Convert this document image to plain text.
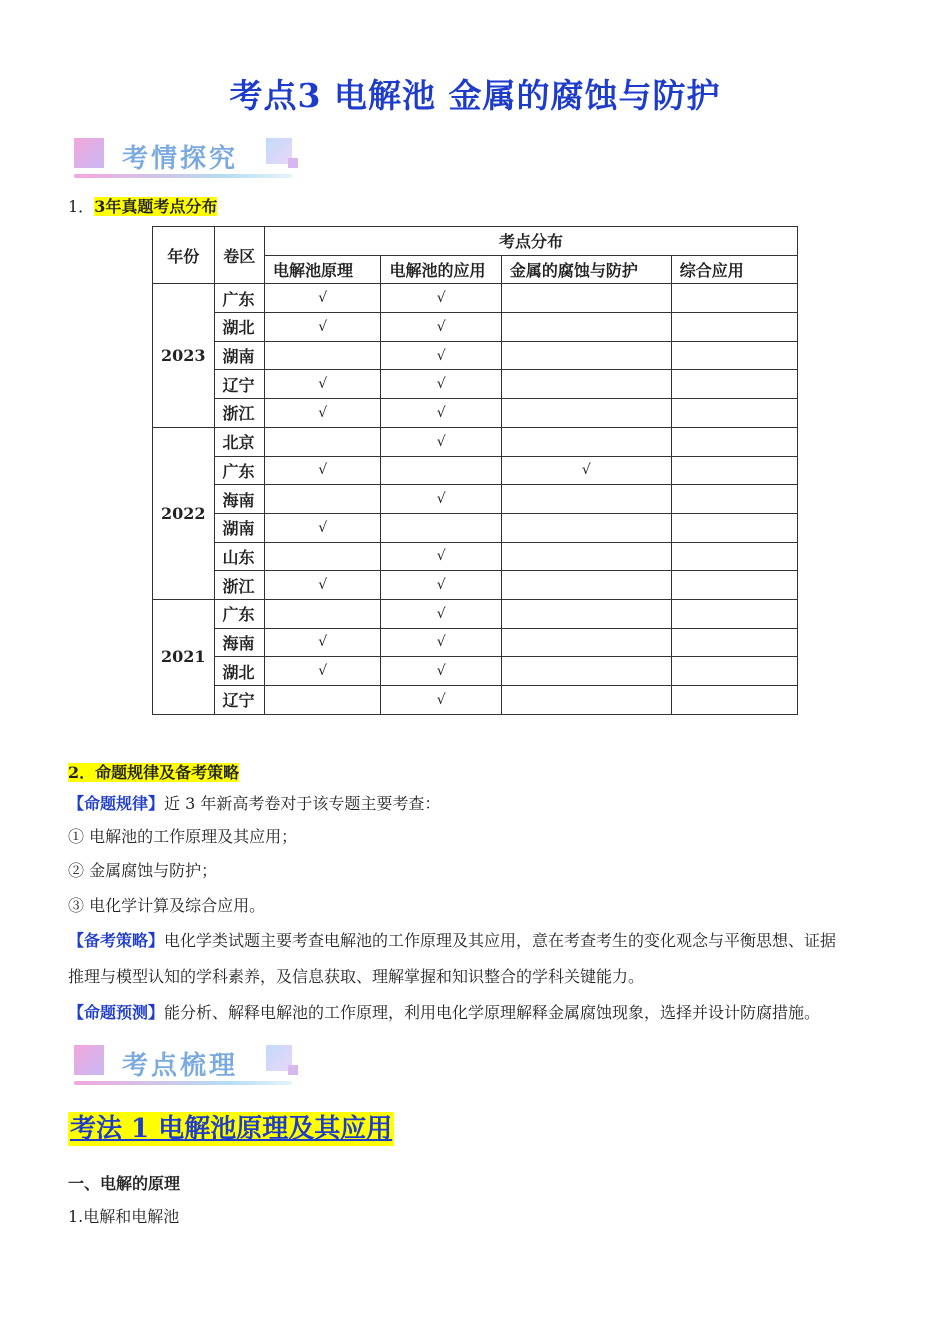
考点3 电解池 金属的腐蚀与防护
考情探究
1．3年真题考点分布
年份	卷区	考点分布			
		电解池原理	电解池的应用	金属的腐蚀与防护	综合应用
2023	广东	√	√		
	湖北	√	√		
	湖南		√		
	辽宁	√	√		
	浙江	√	√		
2022	北京		√		
	广东	√		√	
	海南		√		
	湖南	√			
	山东		√		
	浙江	√	√		
2021	广东		√		
	海南	√	√		
	湖北	√	√		
	辽宁		√		
2．命题规律及备考策略
【命题规律】近 3 年新高考卷对于该专题主要考查：
① 电解池的工作原理及其应用；
② 金属腐蚀与防护；
③ 电化学计算及综合应用。
【备考策略】电化学类试题主要考查电解池的工作原理及其应用，意在考查考生的变化观念与平衡思想、证据
推理与模型认知的学科素养，及信息获取、理解掌握和知识整合的学科关键能力。
【命题预测】能分析、解释电解池的工作原理，利用电化学原理解释金属腐蚀现象，选择并设计防腐措施。
考点梳理
考法 1 电解池原理及其应用
一、电解的原理
1.电解和电解池
